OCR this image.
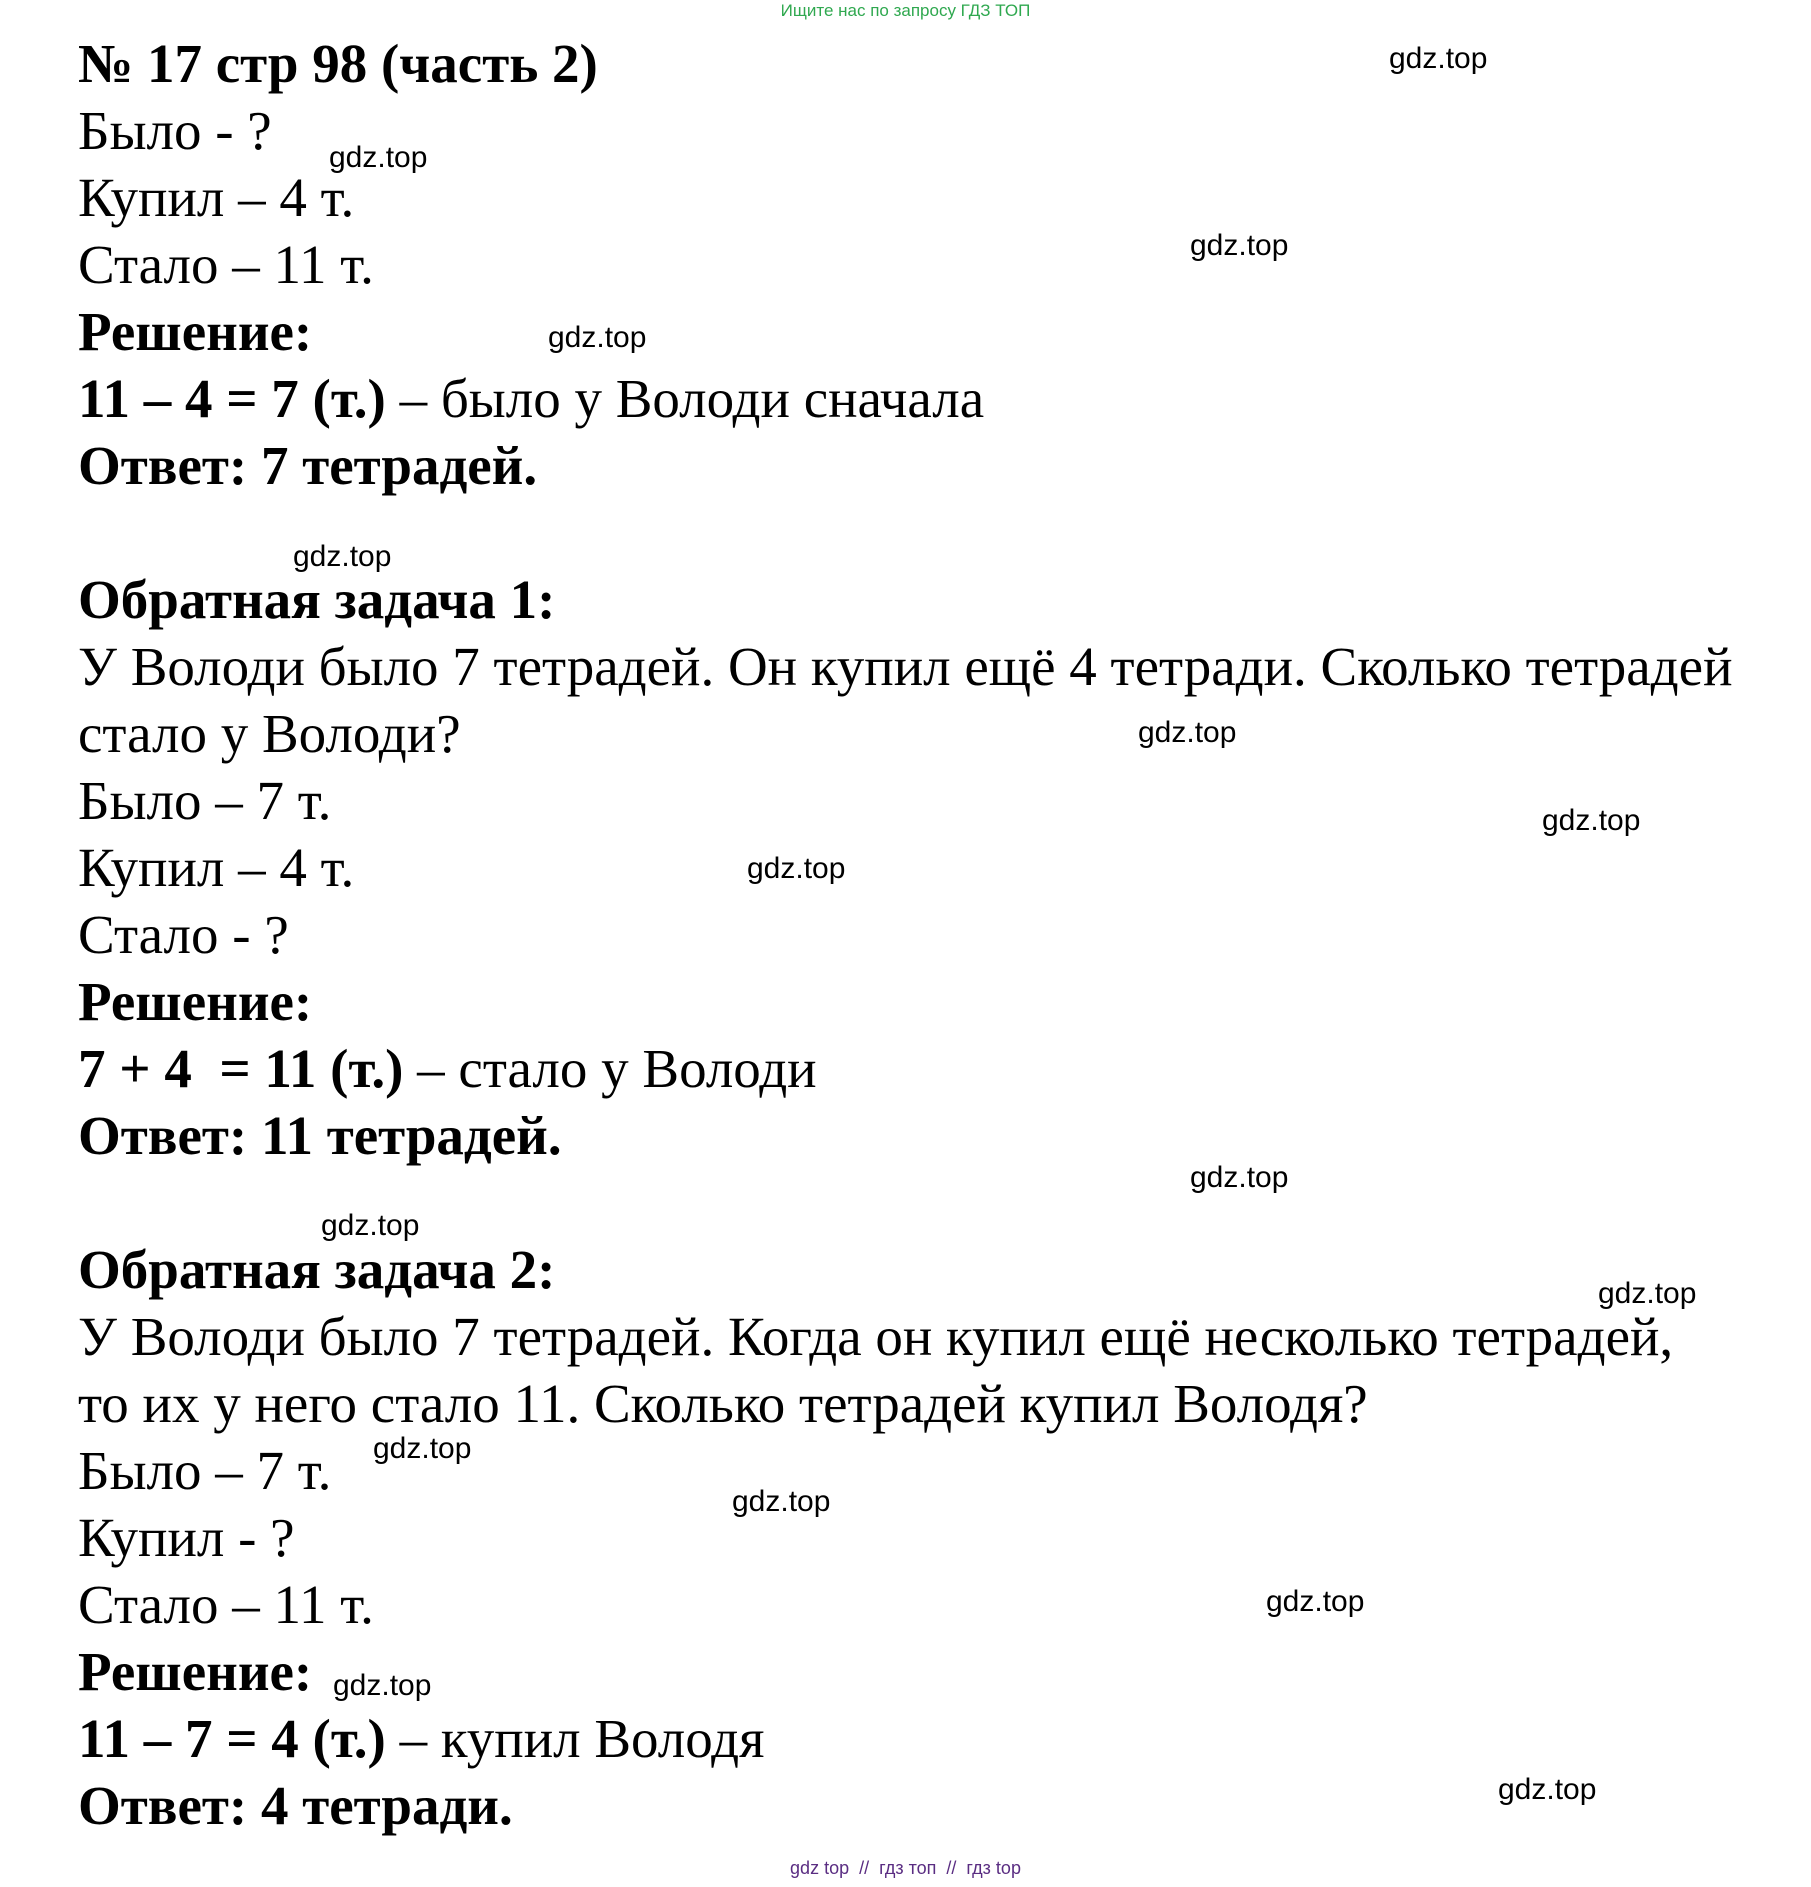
Ищите нас по запросу ГДЗ ТОП
№ 17 стр 98 (часть 2)
Было - ?
Купил – 4 т.
Стало – 11 т.
Решение:
11 – 4 = 7 (т.) – было у Володи сначала
Ответ: 7 тетрадей.
Обратная задача 1:
У Володи было 7 тетрадей. Он купил ещё 4 тетради. Сколько тетрадей
стало у Володи?
Было – 7 т.
Купил – 4 т.
Стало - ?
Решение:
7 + 4  = 11 (т.) – стало у Володи
Ответ: 11 тетрадей.
Обратная задача 2:
У Володи было 7 тетрадей. Когда он купил ещё несколько тетрадей,
то их у него стало 11. Сколько тетрадей купил Володя?
Было – 7 т.
Купил - ?
Стало – 11 т.
Решение:
11 – 7 = 4 (т.) – купил Володя
Ответ: 4 тетради.
gdz.top
gdz.top
gdz.top
gdz.top
gdz.top
gdz.top
gdz.top
gdz.top
gdz.top
gdz.top
gdz.top
gdz.top
gdz.top
gdz.top
gdz.top
gdz.top
gdz top  //  гдз топ  //  гдз top
